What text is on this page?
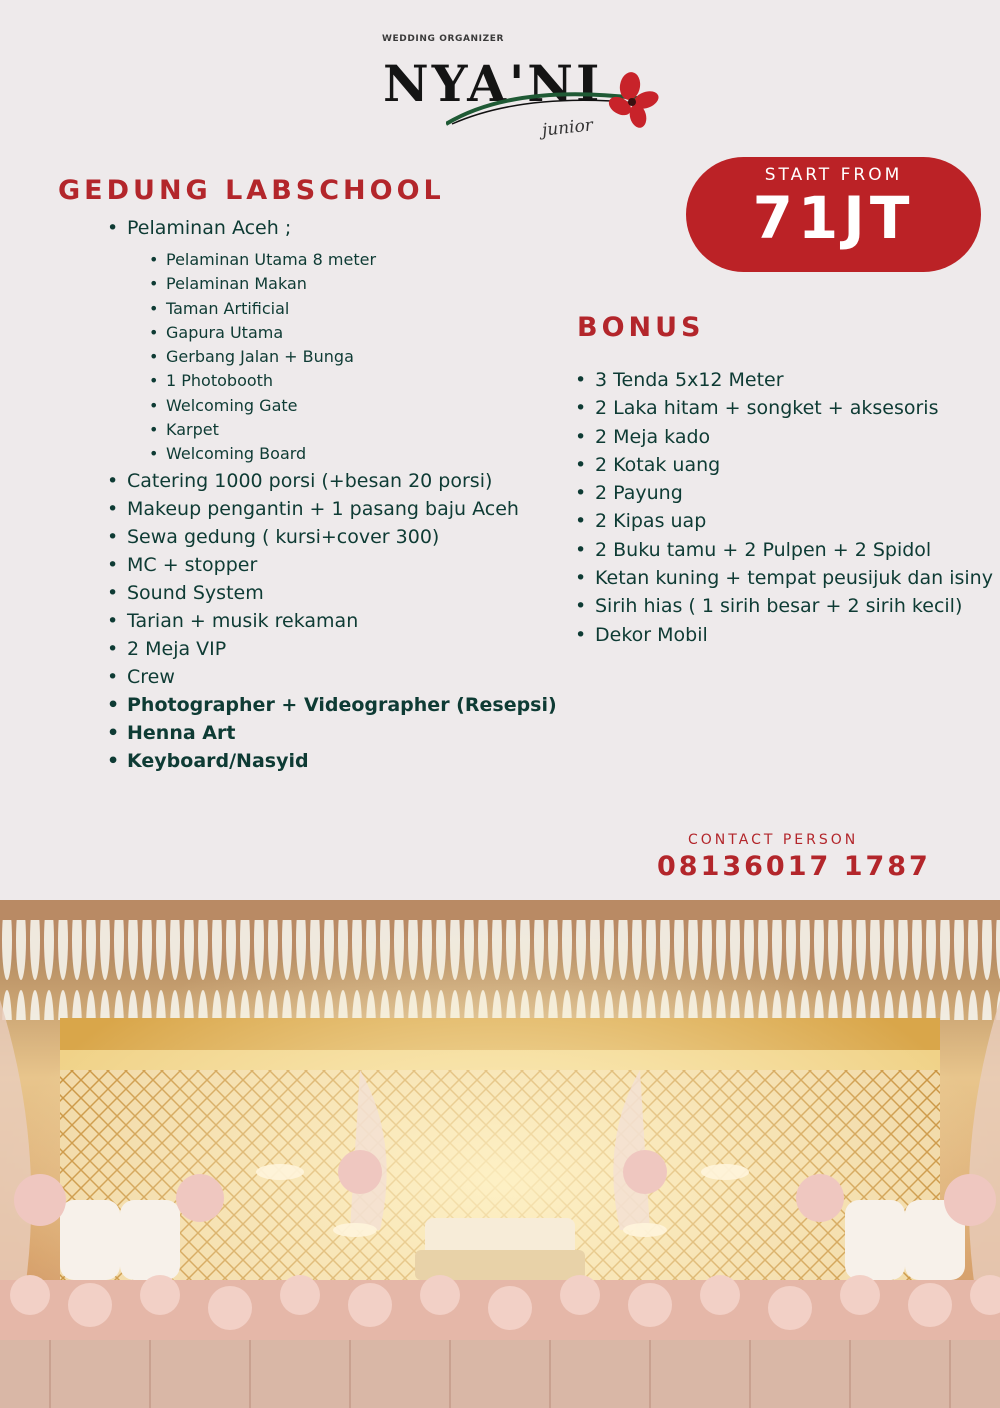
WEDDING ORGANIZER
NYA'NI
junior
GEDUNG LABSCHOOL	START FROM
71JT
• Pelaminan Aceh ;
• Pelaminan Utama 8 meter
• Pelaminan Makan
• Taman Artificial
• Gapura Utama
• Gerbang Jalan + Bunga
• 1 Photobooth
• Welcoming Gate
• Karpet
• Welcoming Board
• Catering 1000 porsi (+besan 20 porsi)
• Makeup pengantin + 1 pasang baju Aceh
• Sewa gedung ( kursi+cover 300)
• MC + stopper
• Sound System
• Tarian + musik rekaman
• 2 Meja VIP
• Crew
• Photographer + Videographer (Resepsi)
• Henna Art
• Keyboard/Nasyid
BONUS
• 3 Tenda 5x12 Meter
• 2 Laka hitam + songket + aksesoris
• 2 Meja kado
• 2 Kotak uang
• 2 Payung
• 2 Kipas uap
• 2 Buku tamu + 2 Pulpen + 2 Spidol
• Ketan kuning + tempat peusijuk dan isiny
• Sirih hias ( 1 sirih besar + 2 sirih kecil)
• Dekor Mobil
CONTACT PERSON
08136017 1787
